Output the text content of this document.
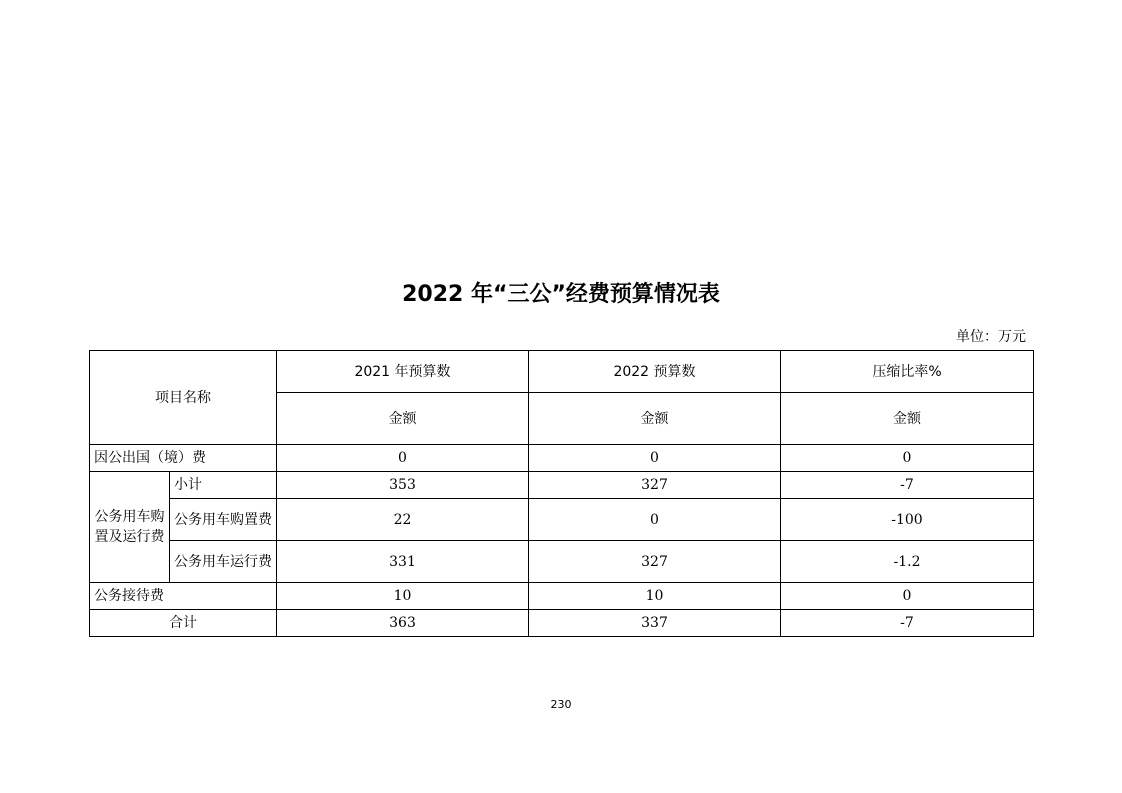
2022 年“三公”经费预算情况表
单位：万元
项目名称		2021 年预算数	2022 预算数	压缩比率%
		金额	金额	金额
因公出国（境）费		0	0	0
公务用车购置及运行费	小计	353	327	-7
	公务用车购置费	22	0	-100
	公务用车运行费	331	327	-1.2
公务接待费		10	10	0
合计		363	337	-7
230
